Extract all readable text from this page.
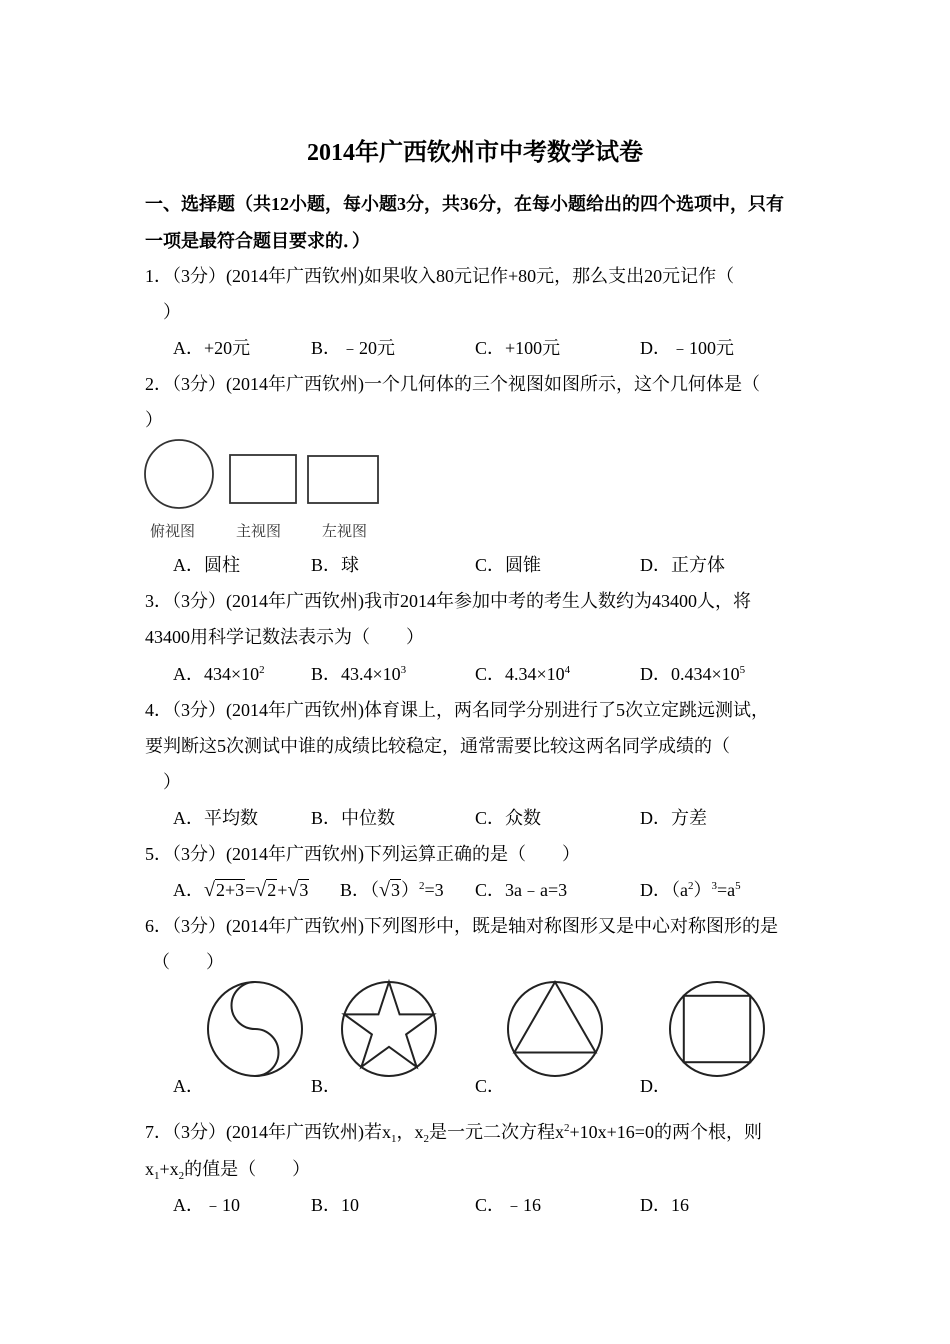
2014年广西钦州市中考数学试卷
一、选择题（共12小题，每小题3分，共36分，在每小题给出的四个选项中，只有
一项是最符合题目要求的．）
1．（3分）(2014年广西钦州)如果收入80元记作+80元，那么支出20元记作（
）
A．+20元	B．﹣20元	C．+100元	D．﹣100元
2．（3分）(2014年广西钦州)一个几何体的三个视图如图所示，这个几何体是（
）
俯视图	主视图	左视图
A．圆柱	B．球	C．圆锥	D．正方体
3．（3分）(2014年广西钦州)我市2014年参加中考的考生人数约为43400人，将
43400用科学记数法表示为（　　）
A．$434\times 10^2$	B．$43.4\times 10^3$	C．$4.34\times 10^4$	D．$0.434\times 10^5$
4．（3分）(2014年广西钦州)体育课上，两名同学分别进行了5次立定跳远测试，
要判断这5次测试中谁的成绩比较稳定，通常需要比较这两名同学成绩的（
）
A．平均数	B．中位数	C．众数	D．方差
5．（3分）(2014年广西钦州)下列运算正确的是（　　）
A．√2+3=√2+√3 B．$(√3)^2=3$ C．3a﹣a=3	D．$(a^2)^3=a^5$
6．（3分）(2014年广西钦州)下列图形中，既是轴对称图形又是中心对称图形的是
（　　）
A．	B．	C．	D．
7．（3分）(2014年广西钦州)若$x_1$，$x_2$是一元二次方程$x^2+10x+16=0$的两个根，则
$x_1+x_2$的值是（　　）
A．﹣10	B．10	C．﹣16	D．16
